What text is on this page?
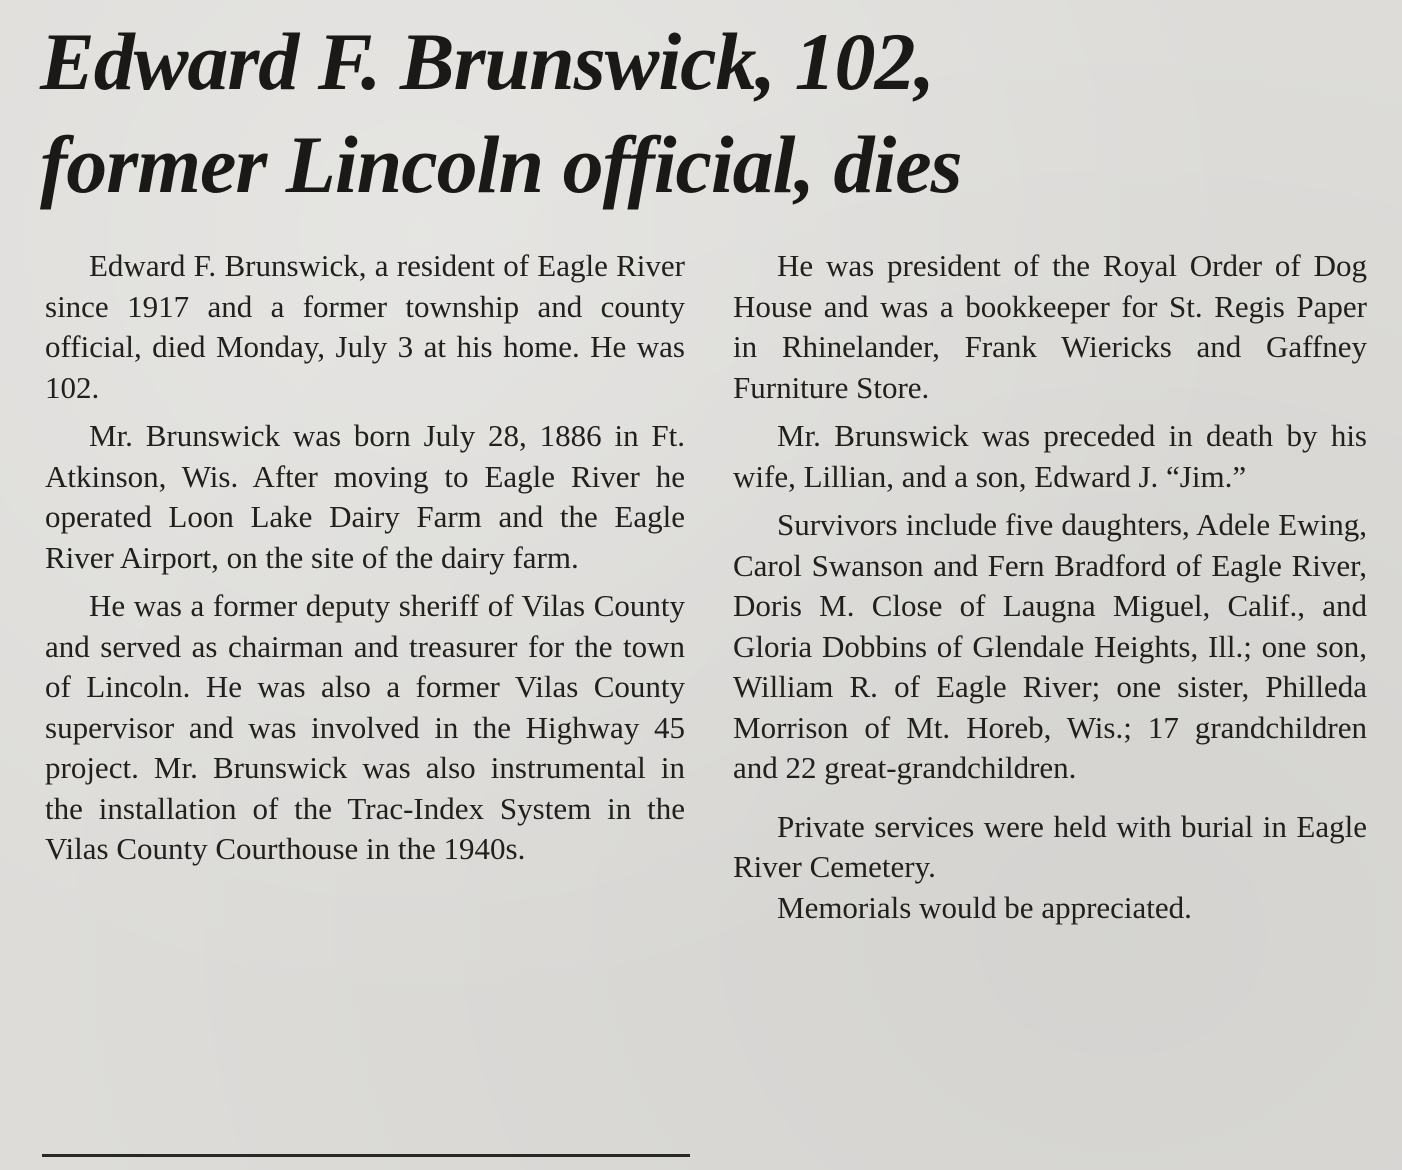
Edward F. Brunswick, 102,
former Lincoln official, dies

Edward F. Brunswick, a resident of Eagle River since 1917 and a former township and county official, died Monday, July 3 at his home. He was 102.

Mr. Brunswick was born July 28, 1886 in Ft. Atkinson, Wis. After moving to Eagle River he operated Loon Lake Dairy Farm and the Eagle River Airport, on the site of the dairy farm.

He was a former deputy sheriff of Vilas County and served as chairman and treasurer for the town of Lincoln. He was also a former Vilas County supervisor and was involved in the Highway 45 project. Mr. Brunswick was also instrumental in the installation of the Trac-Index System in the Vilas County Courthouse in the 1940s.

He was president of the Royal Order of Dog House and was a bookkeeper for St. Regis Paper in Rhinelander, Frank Wiericks and Gaffney Furniture Store.

Mr. Brunswick was preceded in death by his wife, Lillian, and a son, Edward J. “Jim.”

Survivors include five daughters, Adele Ewing, Carol Swanson and Fern Bradford of Eagle River, Doris M. Close of Laugna Miguel, Calif., and Gloria Dobbins of Glendale Heights, Ill.; one son, William R. of Eagle River; one sister, Philleda Morrison of Mt. Horeb, Wis.; 17 grandchildren and 22 great-grandchildren.

Private services were held with burial in Eagle River Cemetery.

Memorials would be appreciated.
